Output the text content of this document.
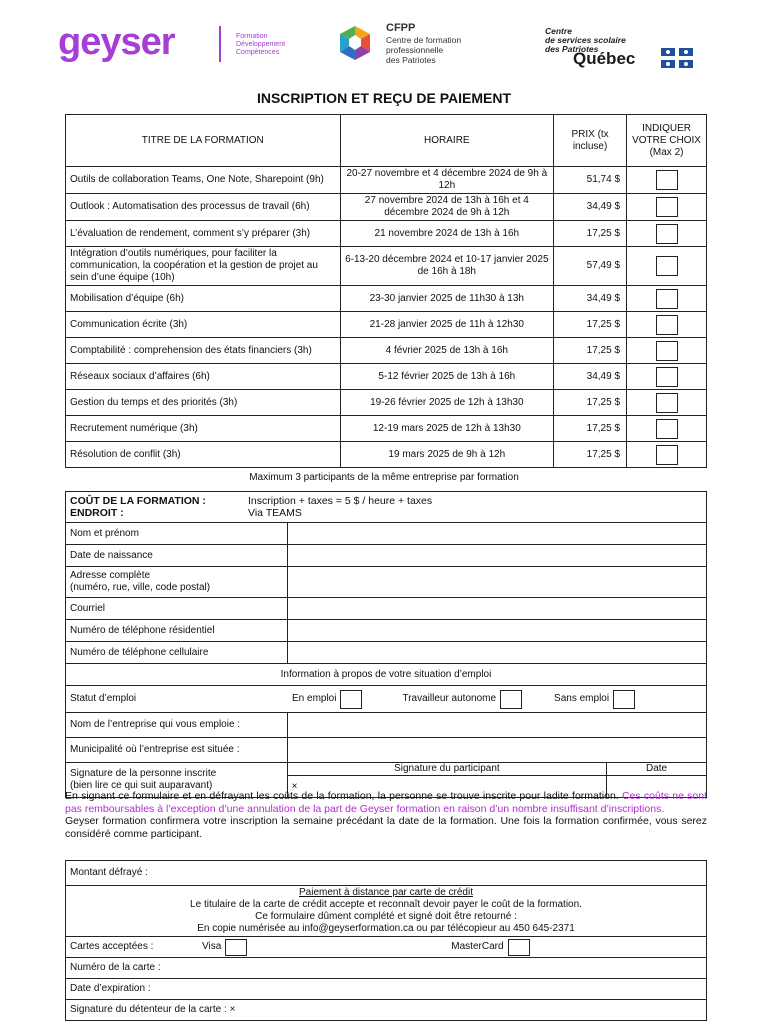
geyser	Formation
Développement
Compétences
CFPP
Centre de formation
professionnelle
des Patriotes
Centre
de services scolaire
des Patriotes
Québec
INSCRIPTION ET REÇU DE PAIEMENT
TITRE DE LA FORMATION	HORAIRE	PRIX (tx incluse)	INDIQUER VOTRE CHOIX (Max 2)
Outils de collaboration Teams, One Note, Sharepoint (9h)	20-27 novembre et 4 décembre 2024 de 9h à 12h	51,74 $	
Outlook : Automatisation des processus de travail (6h)	27 novembre 2024 de 13h à 16h et 4 décembre 2024 de 9h à 12h	34,49 $	
L’évaluation de rendement, comment s’y préparer (3h)	21 novembre 2024 de 13h à 16h	17,25 $	
Intégration d’outils numériques, pour faciliter la communication, la coopération et la gestion de projet au sein d’une équipe (10h)	6-13-20 décembre 2024 et 10-17 janvier 2025 de 16h à 18h	57,49 $	
Mobilisation d’équipe (6h)	23-30 janvier 2025 de 11h30 à 13h	34,49 $	
Communication écrite (3h)	21-28 janvier 2025 de 11h à 12h30	17,25 $	
Comptabilité : comprehension des états financiers (3h)	4 février 2025 de 13h à 16h	17,25 $	
Réseaux sociaux d’affaires (6h)	5-12 février 2025 de 13h à 16h	34,49 $	
Gestion du temps et des priorités (3h)	19-26 février 2025 de 12h à 13h30	17,25 $	
Recrutement numérique (3h)	12-19 mars 2025 de 12h à 13h30	17,25 $	
Résolution de conflit (3h)	19 mars 2025 de 9h à 12h	17,25 $	
Maximum 3 participants de la même entreprise par formation
COÛT DE LA FORMATION :
ENDROIT :
Inscription + taxes = 5 $ / heure + taxes
Via TEAMS		

Nom et prénom		
Date de naissance		

Adresse complète
(numéro, rue, ville, code postal)		

Courriel		
Numéro de téléphone résidentiel		
Numéro de téléphone cellulaire		
Information à propos de votre situation d’emploi		

Statut d’emploi En emploi Travailleur autonome Sans emploi		

Nom de l’entreprise qui vous emploie :		
Municipalité où l’entreprise est située :		

Signature de la personne inscrite
(bien lire ce qui suit auparavant)	Signature du participant	Date
	×	
En signant ce formulaire et en défrayant les coûts de la formation, la personne se trouve inscrite pour ladite formation. Ces coûts ne sont pas remboursables à l’exception d’une annulation de la part de Geyser formation en raison d’un nombre insuffisant d’inscriptions.
Geyser formation confirmera votre inscription la semaine précédant la date de la formation. Une fois la formation confirmée, vous serez considéré comme participant.
Montant défrayé :

Paiement à distance par carte de crédit
Le titulaire de la carte de crédit accepte et reconnaît devoir payer le coût de la formation.
Ce formulaire dûment complété et signé doit être retourné :
En copie numérisée au info@geyserformation.ca ou par télécopieur au 450 645-2371

Cartes acceptées :	Visa	MasterCard

Numéro de la carte :
Date d’expiration :
Signature du détenteur de la carte : ×
